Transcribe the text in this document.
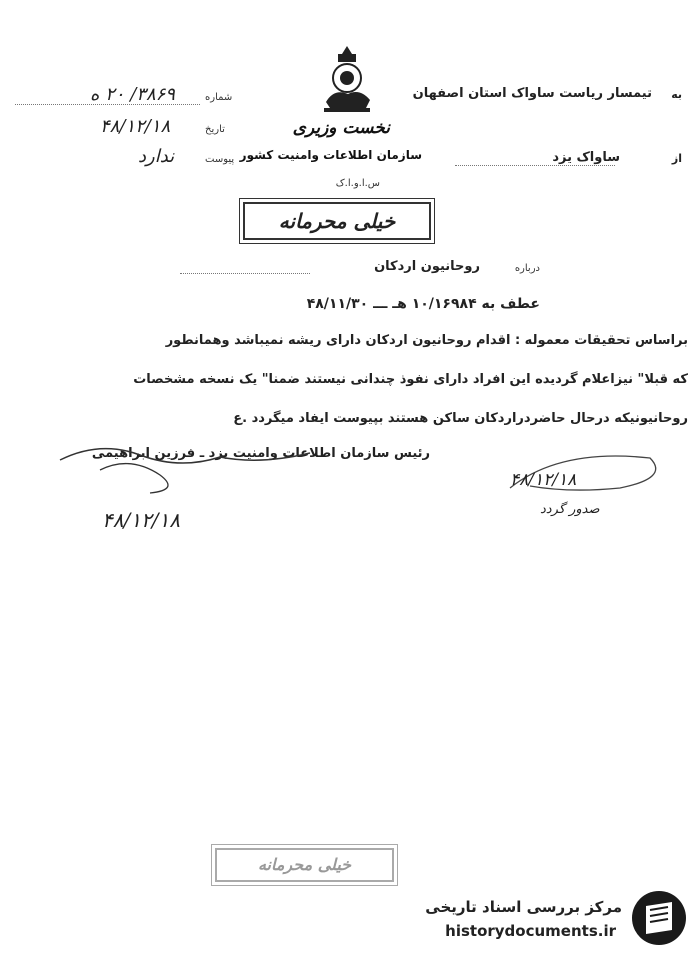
نخست وزیری
سازمان اطلاعات وامنیت کشور
س.ا.و.ا.ک
به
تیمسار ریاست ساواک استان اصفهان
از
ساواک یزد
شماره
۳۸۶۹/ ۲۰ ه
تاریخ
۴۸/۱۲/۱۸
پیوست
ندارد
خیلی محرمانه
درباره
روحانیون اردکان
عطف به ۱۰/۱۶۹۸۴ هـ ـــ ۴۸/۱۱/۳۰
براساس تحقیقات معموله : اقدام روحانیون اردکان دارای ریشه نمیباشد وهمانطور
که قبلا" نیزاعلام گردیده این افراد دارای نفوذ چندانی نیستند ضمنا" یک نسخه مشخصات
روحانیونیکه درحال حاضردراردکان ساکن هستند بپیوست ایفاد میگردد .ع
رئیس سازمان اطلاعات وامنیت یزد ـ فرزین ابراهیمی
۴۸/۱۲/۱۸
صدور گردد
۴۸/۱۲/۱۸
خیلی محرمانه
مرکز بررسی اسناد تاریخی
historydocuments.ir
